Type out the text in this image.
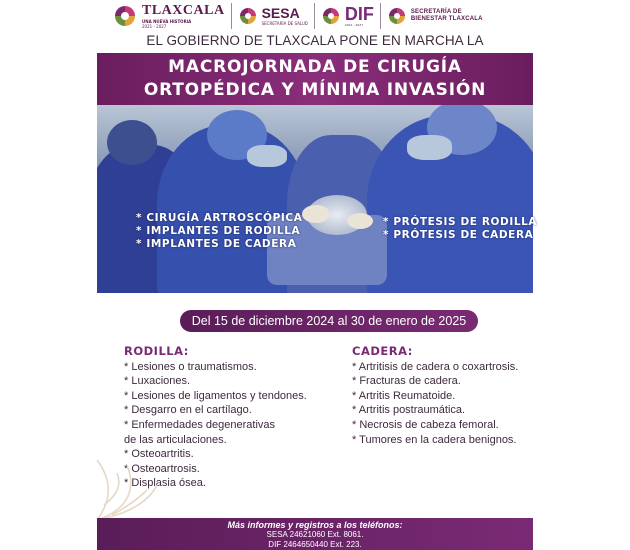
TLAXCALA
UNA NUEVA HISTORIA
2021 - 2027
SESA
SECRETARÍA DE SALUD DIF
2021 - 2027
SECRETARÍA DE BIENESTAR TLAXCALA
EL GOBIERNO DE TLAXCALA PONE EN MARCHA LA
MACROJORNADA DE CIRUGÍA
ORTOPÉDICA Y MÍNIMA INVASIÓN
* CIRUGÍA ARTROSCÓPICA
* IMPLANTES DE RODILLA
* IMPLANTES DE CADERA
* PRÓTESIS DE RODILLA
* PRÓTESIS DE CADERA
Del 15 de diciembre 2024 al 30 de enero de 2025
RODILLA:
* Lesiones o traumatismos.
* Luxaciones.
* Lesiones de ligamentos y tendones.
* Desgarro en el cartílago.
* Enfermedades degenerativas
de las articulaciones.
* Osteoartritis.
* Osteoartrosis.
* Displasia ósea.
CADERA:
* Artritisis de cadera o coxartrosis.
* Fracturas de cadera.
* Artritis Reumatoide.
* Artritis postraumática.
* Necrosis de cabeza femoral.
* Tumores en la cadera benignos.
Más informes y registros a los teléfonos:
SESA 24621060 Ext. 8061.
DIF 2464650440 Ext. 223.
